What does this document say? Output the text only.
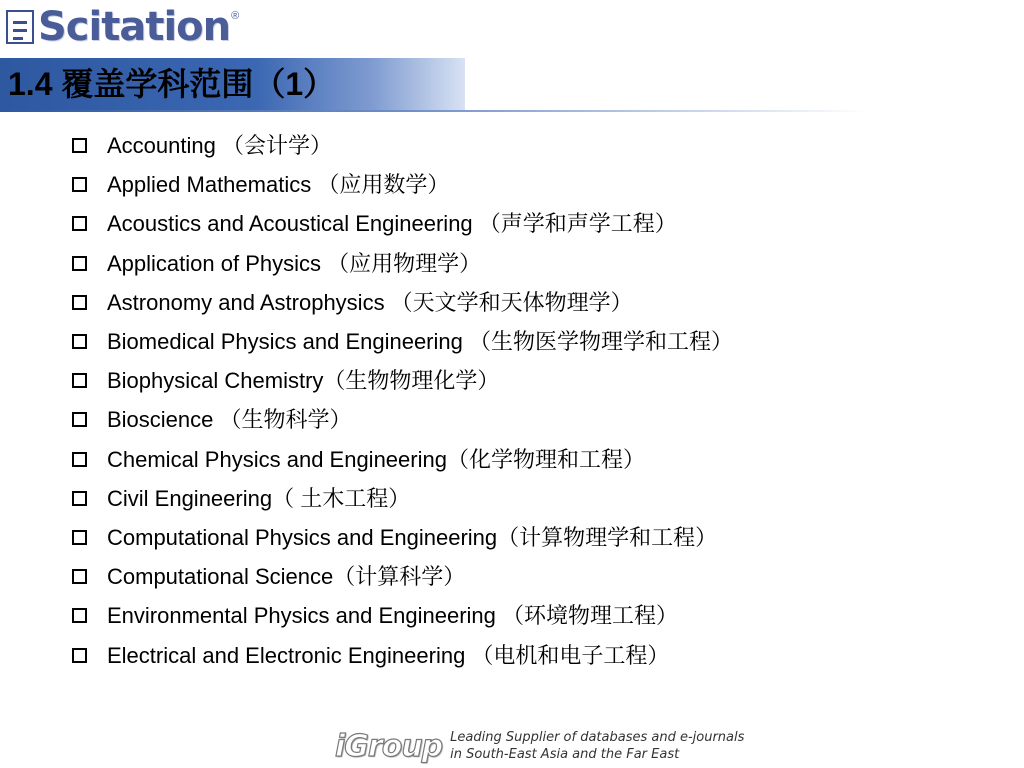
Scitation ®
1.4 覆盖学科范围（1）
Accounting （会计学）
Applied Mathematics （应用数学）
Acoustics and Acoustical Engineering （声学和声学工程）
Application of Physics （应用物理学）
Astronomy and Astrophysics （天文学和天体物理学）
Biomedical Physics and Engineering （生物医学物理学和工程）
Biophysical Chemistry（生物物理化学）
Bioscience （生物科学）
Chemical Physics and Engineering（化学物理和工程）
Civil Engineering（ 土木工程）
Computational Physics and Engineering（计算物理学和工程）
Computational Science（计算科学）
Environmental Physics and Engineering （环境物理工程）
Electrical and Electronic Engineering （电机和电子工程）
iGroup Leading Supplier of databases and e-journals
in South-East Asia and the Far East
